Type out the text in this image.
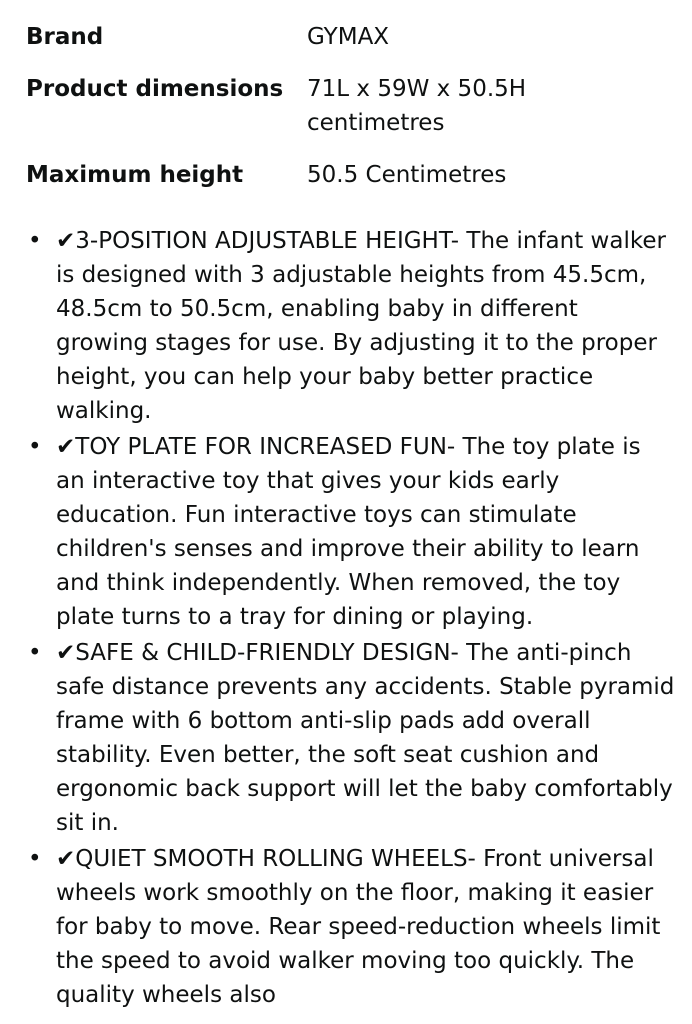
Brand	GYMAX
Product dimensions	71L x 59W x 50.5H centimetres
Maximum height	50.5 Centimetres
• ✔3-POSITION ADJUSTABLE HEIGHT- The infant walker is designed with 3 adjustable heights from 45.5cm, 48.5cm to 50.5cm, enabling baby in different growing stages for use. By adjusting it to the proper height, you can help your baby better practice walking.
• ✔TOY PLATE FOR INCREASED FUN- The toy plate is an interactive toy that gives your kids early education. Fun interactive toys can stimulate children's senses and improve their ability to learn and think independently. When removed, the toy plate turns to a tray for dining or playing.
• ✔SAFE & CHILD-FRIENDLY DESIGN- The anti-pinch safe distance prevents any accidents. Stable pyramid frame with 6 bottom anti-slip pads add overall stability. Even better, the soft seat cushion and ergonomic back support will let the baby comfortably sit in.
• ✔QUIET SMOOTH ROLLING WHEELS- Front universal wheels work smoothly on the floor, making it easier for baby to move. Rear speed-reduction wheels limit the speed to avoid walker moving too quickly. The quality wheels also
